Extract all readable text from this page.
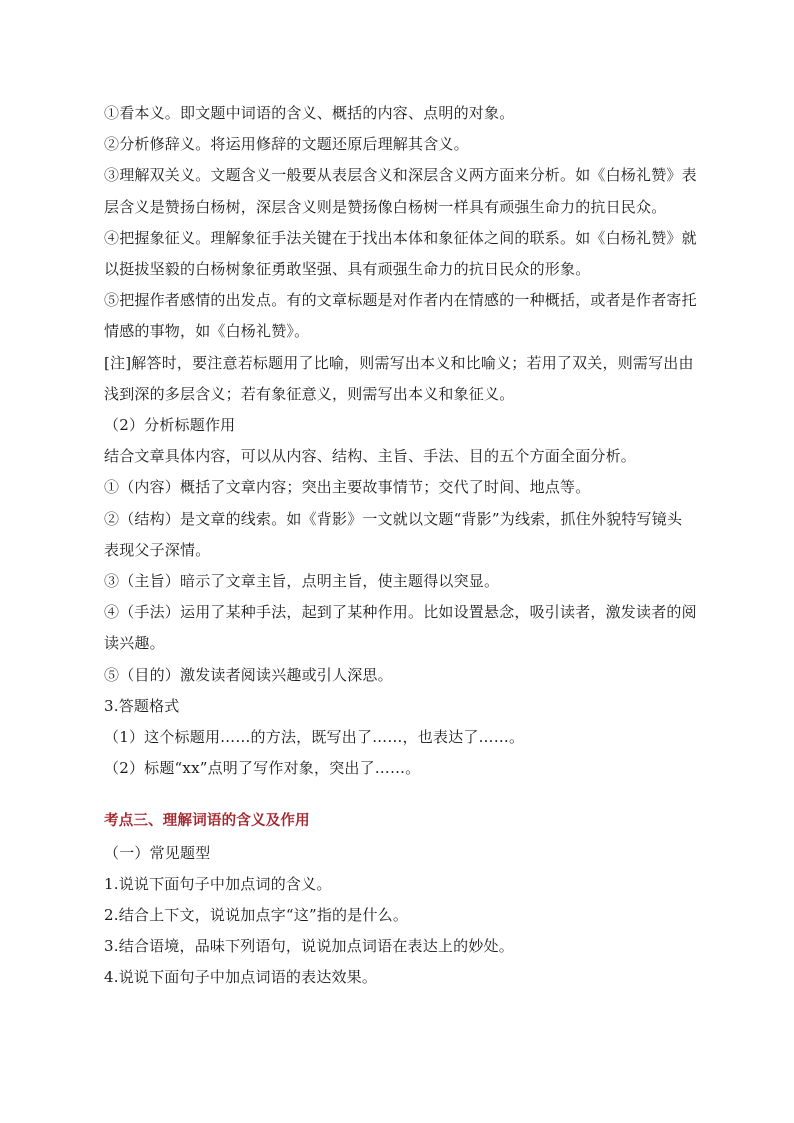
①看本义。即文题中词语的含义、概括的内容、点明的对象。

②分析修辞义。将运用修辞的文题还原后理解其含义。

③理解双关义。文题含义一般要从表层含义和深层含义两方面来分析。如《白杨礼赞》表

层含义是赞扬白杨树，深层含义则是赞扬像白杨树一样具有顽强生命力的抗日民众。

④把握象征义。理解象征手法关键在于找出本体和象征体之间的联系。如《白杨礼赞》就

以挺拔坚毅的白杨树象征勇敢坚强、具有顽强生命力的抗日民众的形象。

⑤把握作者感情的出发点。有的文章标题是对作者内在情感的一种概括，或者是作者寄托

情感的事物，如《白杨礼赞》。

[注]解答时，要注意若标题用了比喻，则需写出本义和比喻义；若用了双关，则需写出由

浅到深的多层含义；若有象征意义，则需写出本义和象征义。

（2）分析标题作用

结合文章具体内容，可以从内容、结构、主旨、手法、目的五个方面全面分析。

①（内容）概括了文章内容；突出主要故事情节；交代了时间、地点等。

②（结构）是文章的线索。如《背影》一文就以文题“背影”为线索，抓住外貌特写镜头

表现父子深情。

③（主旨）暗示了文章主旨，点明主旨，使主题得以突显。

④（手法）运用了某种手法，起到了某种作用。比如设置悬念，吸引读者，激发读者的阅

读兴趣。

⑤（目的）激发读者阅读兴趣或引人深思。

3.答题格式

（1）这个标题用……的方法，既写出了……，也表达了……。

（2）标题“xx”点明了写作对象，突出了……。

考点三、理解词语的含义及作用

（一）常见题型

1.说说下面句子中加点词的含义。

2.结合上下文，说说加点字“这”指的是什么。

3.结合语境，品味下列语句，说说加点词语在表达上的妙处。

4.说说下面句子中加点词语的表达效果。
